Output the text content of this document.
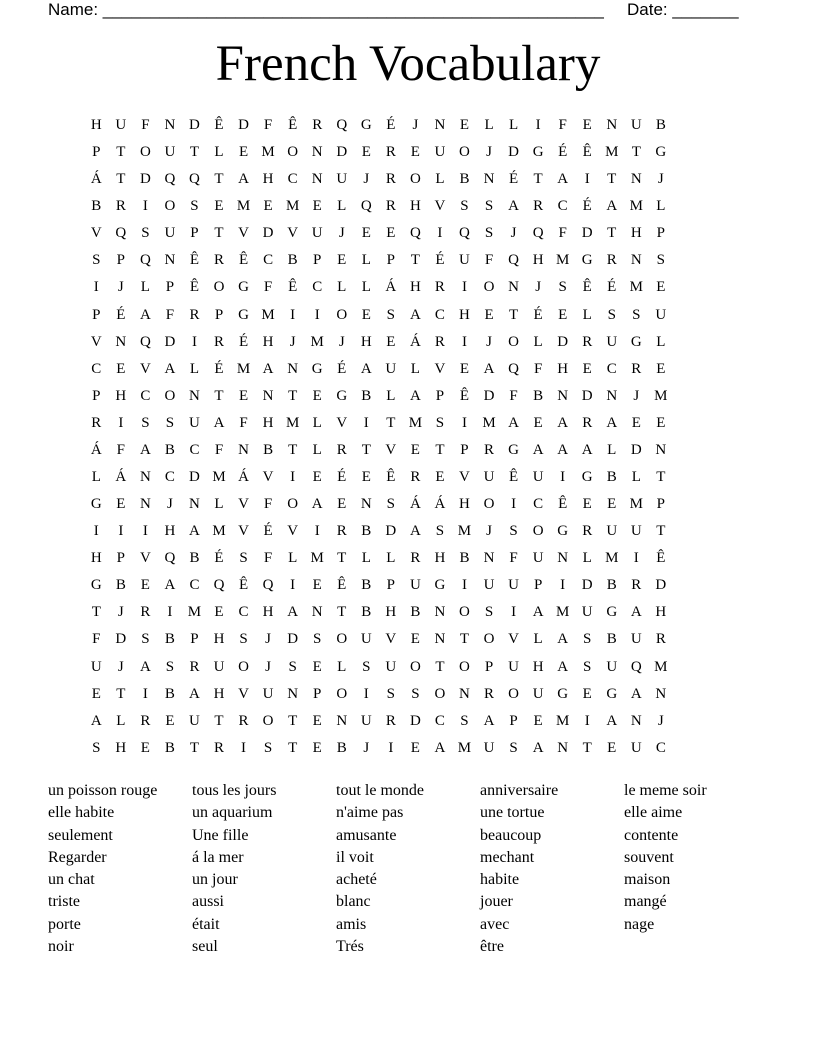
Name: _____________________________________________________ Date: _______
French Vocabulary
H U F N D Ê D F Ê R Q G É J N E L L I F E N U B
P T O U T L E M O N D E R E U O J D G É Ê M T G
Á T D Q Q T A H C N U J R O L B N É T A I T N J
B R I O S E M E M E L Q R H V S S A R C É A M L
V Q S U P T V D V U J E E Q I Q S J Q F D T H P
S P Q N Ê R Ê C B P E L P T É U F Q H M G R N S
I J L P Ê O G F Ê C L L Á H R I O N J S Ê É M E
P É A F R P G M I I O E S A C H E T É E L S S U
V N Q D I R É H J M J H E Á R I J O L D R U G L
C E V A L É M A N G É A U L V E A Q F H E C R E
P H C O N T E N T E G B L A P Ê D F B N D N J M
R I S S U A F H M L V I T M S I M A E A R A E E
Á F A B C F N B T L R T V E T P R G A A A L D N
L Á N C D M Á V I E É E Ê R E V U Ê U I G B L T
G E N J N L V F O A E N S Á Á H O I C Ê E E M P
I I I H A M V É V I R B D A S M J S O G R U U T
H P V Q B É S F L M T L L R H B N F U N L M I Ê
G B E A C Q Ê Q I E Ê B P U G I U U P I D B R D
T J R I M E C H A N T B H B N O S I A M U G A H
F D S B P H S J D S O U V E N T O V L A S B U R
U J A S R U O J S E L S U O T O P U H A S U Q M
E T I B A H V U N P O I S S O N R O U G E G A N
A L R E U T R O T E N U R D C S A P E M I A N J
S H E B T R I S T E B J I E A M U S A N T E U C
un poisson rouge
elle habite
seulement
Regarder
un chat
triste
porte
noir
tous les jours
un aquarium
Une fille
á la mer
un jour
aussi
était
seul
tout le monde
n'aime pas
amusante
il voit
acheté
blanc
amis
Trés
anniversaire
une tortue
beaucoup
mechant
habite
jouer
avec
être
le meme soir
elle aime
contente
souvent
maison
mangé
nage
